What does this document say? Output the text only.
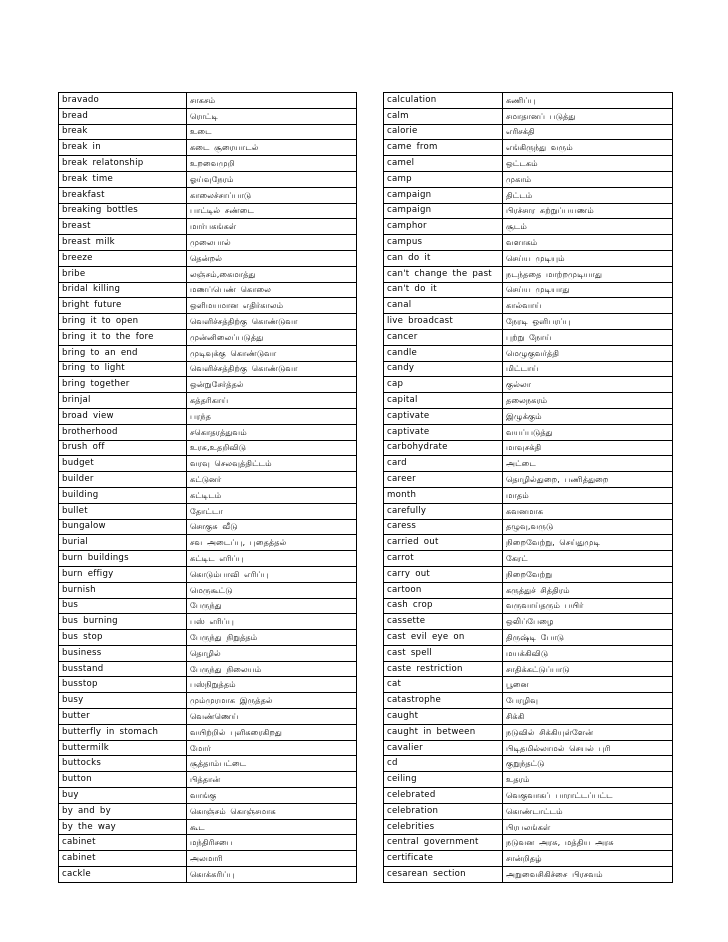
bravado	சாகசம்
bread	ரொட்டி
break	உடை
break in	கடை சூரையாடல்
break relatonship	உறவைமுறி
break time	ஓய்வுநேரம்
breakfast	காலைச்சாப்பாடு
breaking bottles	பாட்டில் சண்டை
breast	மார்பகங்கள்
breast milk	முலைபால்
breeze	தென்றல்
bribe	லஞ்சம்,கைமாத்து
bridal killing	மணப்பெண் கொலை
bright future	ஒளிமயமான எதிர்காலம்
bring it to open	வெளிச்சத்திற்கு கொண்டுவா
bring it to the fore	முன்னிலைப்படுத்து
bring to an end	முடிவுக்கு கொண்டுவா
bring to light	வெளிச்சத்திற்கு கொண்டுவா
bring together	ஒன்றுசேர்த்தல்
brinjal	கத்தரிகாய்
broad view	பரந்த
brotherhood	சகொதரத்துவம்
brush off	உரசு,உதறிவிடு
budget	வரவு செலவுத்திட்டம்
builder	கட்டுனர்
building	கட்டிடம்
bullet	தோட்டா
bungalow	சொகுசு வீடு
burial	சவ அடைப்பு, புதைத்தல்
burn buildings	கட்டிட எரிப்பு
burn effigy	கொடும்பாவி எரிப்பு
burnish	மெருகூட்டு
bus	பேருந்து
bus burning	பஸ் எரிப்பு
bus stop	பேருந்து நிறுத்தம்
business	தொழில்
busstand	பேருந்து நிலையம்
busstop	பஸ்நிறுத்தம்
busy	மும்முரமாக இருத்தல்
butter	வெண்ணெய்
butterfly in stomach	வயிற்றில் புளிகரைகிறது
buttermilk	மோர்
buttocks	சூத்தாம்பட்டை
button	பித்தான்
buy	வாங்கு
by and by	கொஞ்சம் கொஞ்சமாக
by the way	கூட
cabinet	மந்திரிசபை
cabinet	அலமாரி
cackle	கொக்கரிப்பு
calculation	கணிப்பு
calm	சமாதானப் படுத்து
calorie	எரிசக்தி
came from	எங்கிருந்து வரும்
camel	ஒட்டகம்
camp	முகாம்
campaign	திட்டம்
campaign	பிரச்சார சுற்றுப்பயணம்
camphor	சூடம்
campus	வளாகம்
can do it	செய்ய முடியும்
can't change the past	நடந்ததை மாற்றமுடியாது
can't do it	செய்ய முடியாது
canal	கால்வாய்
live broadcast	நேரடி ஒளிபரப்பு
cancer	புற்று நோய்
candle	மெழுகுவர்த்தி
candy	மிட்டாய்
cap	குல்லா
capital	தலைநகரம்
captivate	இழுக்கும்
captivate	வயப்படுத்து
carbohydrate	மாவுசக்தி
card	அட்டை
career	தொழில்துறை, பணித்துறை
month	மாதம்
carefully	கவனமாக
caress	தழுவு,வருடு
carried out	நிறைவேற்று, செய்துமுடி
carrot	கேரட்
carry out	நிறைவேற்று
cartoon	கருத்துச் சித்திரம்
cash crop	வருவாய்தரும் பயிர்
cassette	ஒலிப்பேழை
cast evil eye on	திருஷ்டி போடு
cast spell	மயக்கிவிடு
caste restriction	சாதிக்கட்டுப்பாடு
cat	பூனை
catastrophe	பேரழிவு
caught	சிக்கி
caught in between	நடுவில் சிக்கியுள்ளேன்
cavalier	பிடிதமில்லாமல் செயல் புரி
cd	குறுந்தட்டு
ceiling	உதரம்
celebrated	வெகுவாகப் பாராட்டப்பட்ட
celebration	கொண்டாட்டம்
celebrities	பிரபலங்கள்
central government	நடுவன அரசு, மத்திய அரசு
certificate	சான்றிதழ்
cesarean section	அறுவைசிகிச்சை பிரசவம்
